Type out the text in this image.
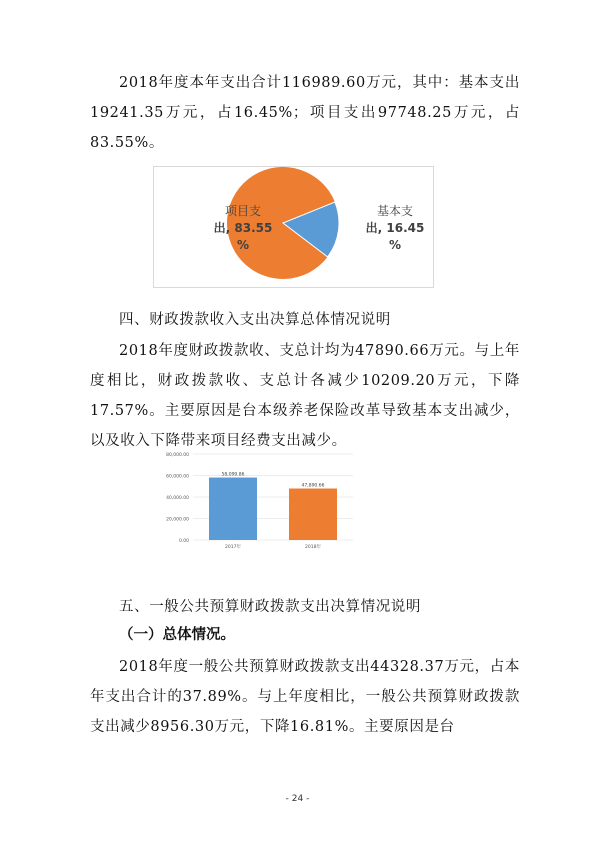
2018年度本年支出合计116989.60万元，其中：基本支出19241.35万元，占16.45%；项目支出97748.25万元，占83.55%。

项目支
出, 83.55
%
基本支
出, 16.45
%

四、财政拨款收入支出决算总体情况说明

2018年度财政拨款收、支总计均为47890.66万元。与上年度相比，财政拨款收、支总计各减少10209.20万元，下降17.57%。主要原因是台本级养老保险改革导致基本支出减少，以及收入下降带来项目经费支出减少。

0.00
20,000.00
40,000.00
60,000.00
80,000.00
58,099.86
2017年
47,890.66
2018年

五、一般公共预算财政拨款支出决算情况说明

（一）总体情况。

2018年度一般公共预算财政拨款支出44328.37万元，占本年支出合计的37.89%。与上年度相比，一般公共预算财政拨款支出减少8956.30万元，下降16.81%。主要原因是台

- 24 -
